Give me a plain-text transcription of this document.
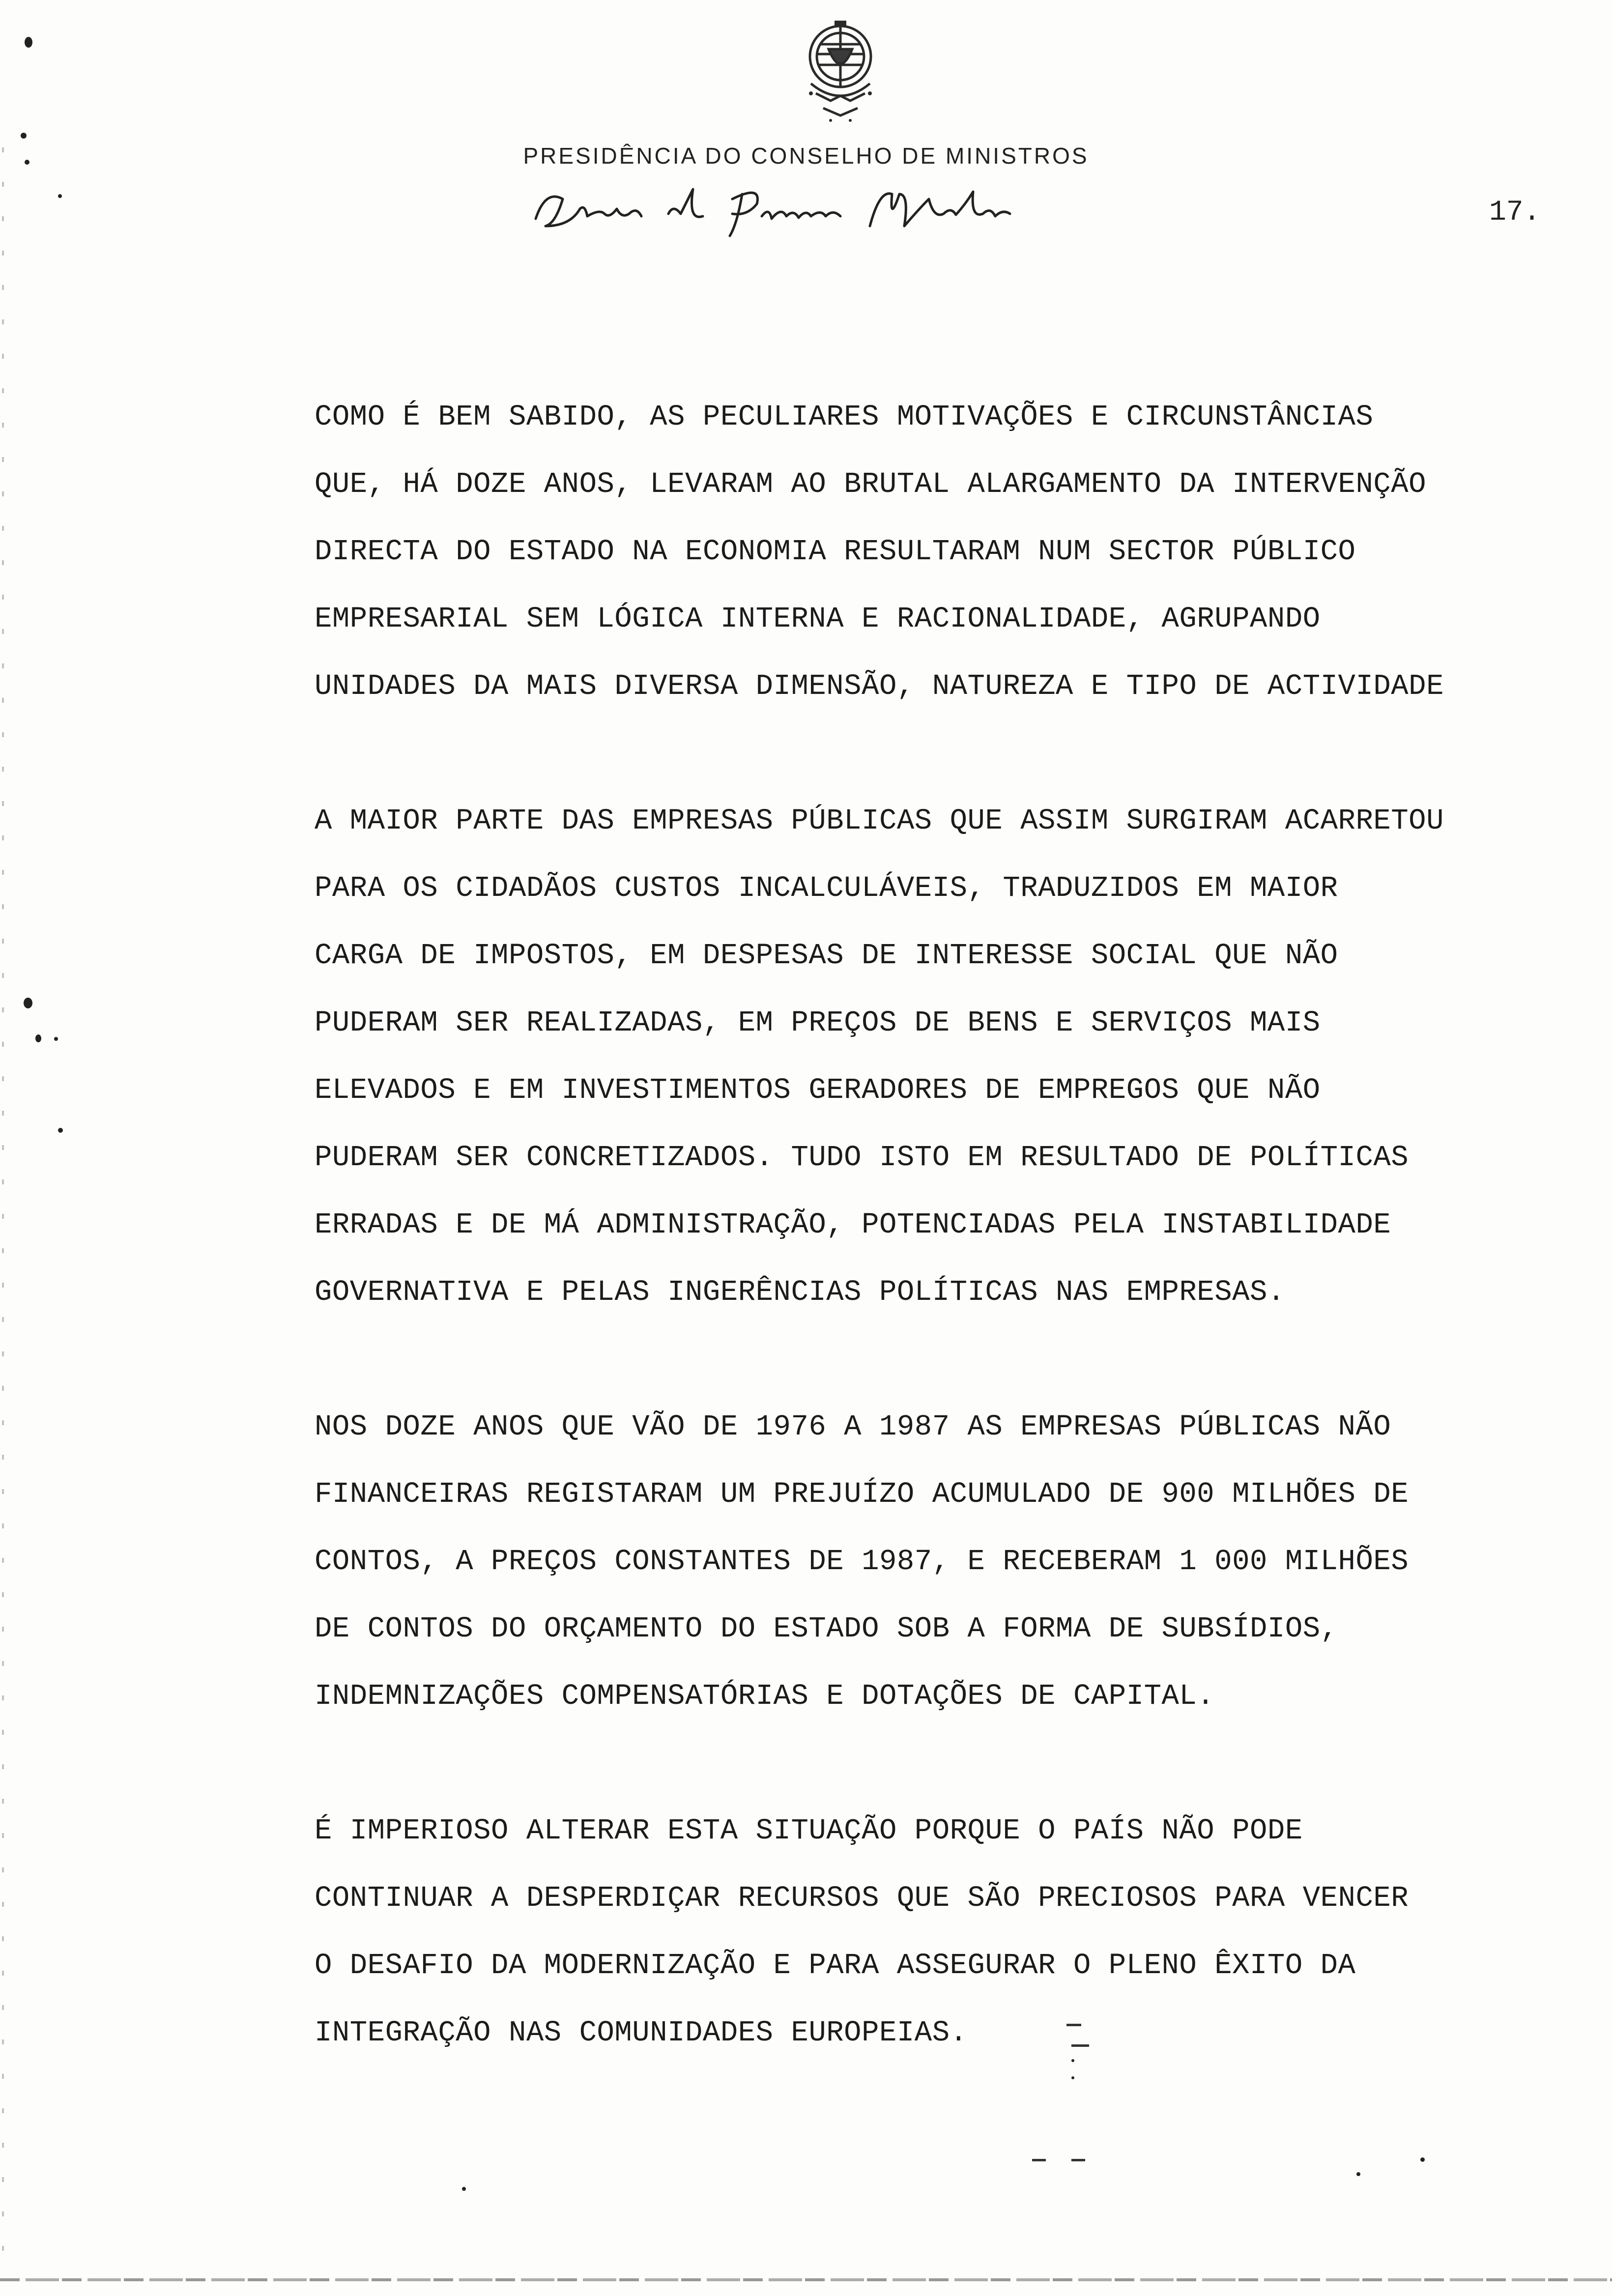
PRESIDÊNCIA DO CONSELHO DE MINISTROS
17.
COMO É BEM SABIDO, AS PECULIARES MOTIVAÇÕES E CIRCUNSTÂNCIAS
QUE, HÁ DOZE ANOS, LEVARAM AO BRUTAL ALARGAMENTO DA INTERVENÇÃO
DIRECTA DO ESTADO NA ECONOMIA RESULTARAM NUM SECTOR PÚBLICO
EMPRESARIAL SEM LÓGICA INTERNA E RACIONALIDADE, AGRUPANDO
UNIDADES DA MAIS DIVERSA DIMENSÃO, NATUREZA E TIPO DE ACTIVIDADE
A MAIOR PARTE DAS EMPRESAS PÚBLICAS QUE ASSIM SURGIRAM ACARRETOU
PARA OS CIDADÃOS CUSTOS INCALCULÁVEIS, TRADUZIDOS EM MAIOR
CARGA DE IMPOSTOS, EM DESPESAS DE INTERESSE SOCIAL QUE NÃO
PUDERAM SER REALIZADAS, EM PREÇOS DE BENS E SERVIÇOS MAIS
ELEVADOS E EM INVESTIMENTOS GERADORES DE EMPREGOS QUE NÃO
PUDERAM SER CONCRETIZADOS. TUDO ISTO EM RESULTADO DE POLÍTICAS
ERRADAS E DE MÁ ADMINISTRAÇÃO, POTENCIADAS PELA INSTABILIDADE
GOVERNATIVA E PELAS INGERÊNCIAS POLÍTICAS NAS EMPRESAS.
NOS DOZE ANOS QUE VÃO DE 1976 A 1987 AS EMPRESAS PÚBLICAS NÃO
FINANCEIRAS REGISTARAM UM PREJUÍZO ACUMULADO DE 900 MILHÕES DE
CONTOS, A PREÇOS CONSTANTES DE 1987, E RECEBERAM 1 000 MILHÕES
DE CONTOS DO ORÇAMENTO DO ESTADO SOB A FORMA DE SUBSÍDIOS,
INDEMNIZAÇÕES COMPENSATÓRIAS E DOTAÇÕES DE CAPITAL.
É IMPERIOSO ALTERAR ESTA SITUAÇÃO PORQUE O PAÍS NÃO PODE
CONTINUAR A DESPERDIÇAR RECURSOS QUE SÃO PRECIOSOS PARA VENCER
O DESAFIO DA MODERNIZAÇÃO E PARA ASSEGURAR O PLENO ÊXITO DA
INTEGRAÇÃO NAS COMUNIDADES EUROPEIAS.
